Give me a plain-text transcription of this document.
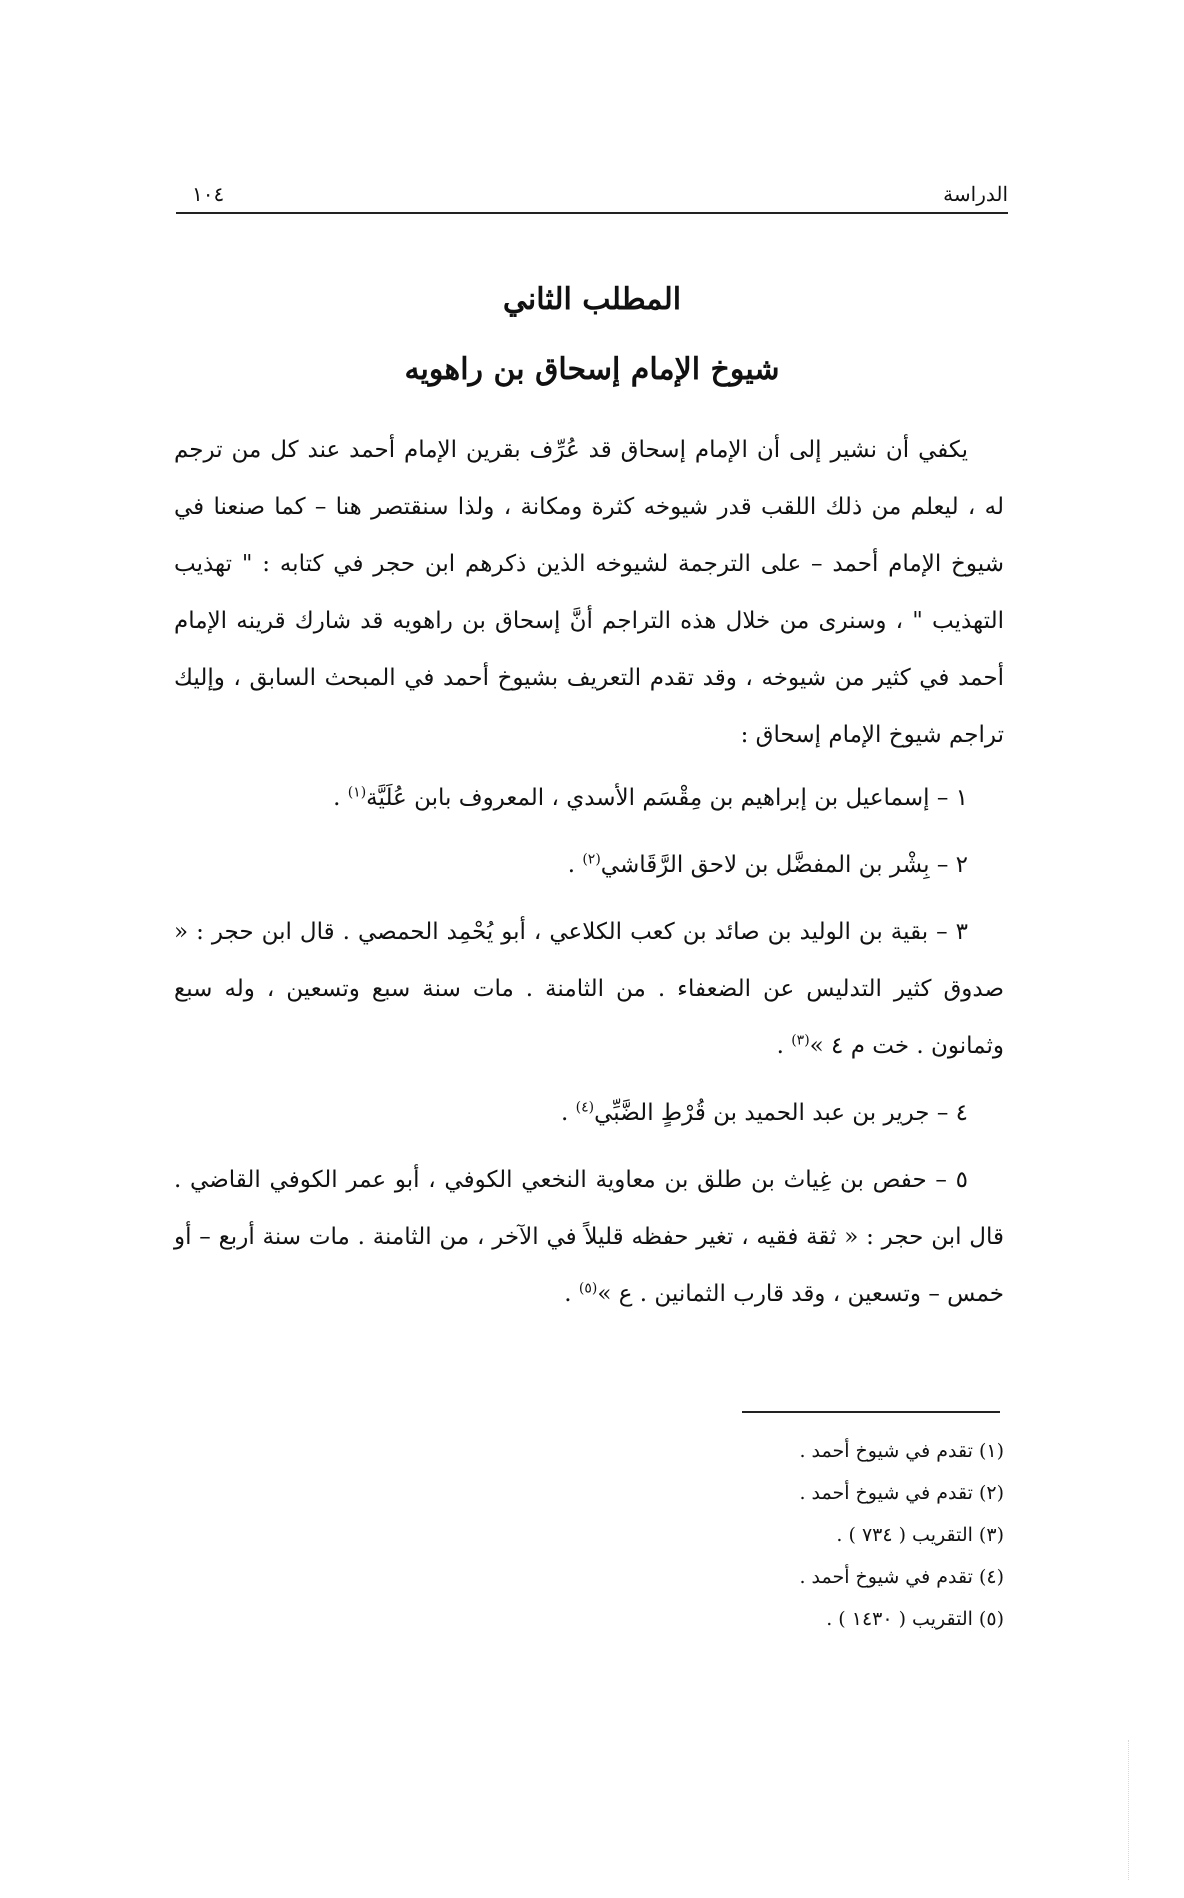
الدراسة
١٠٤
المطلب الثاني
شيوخ الإمام إسحاق بن راهويه

يكفي أن نشير إلى أن الإمام إسحاق قد عُرِّف بقرين الإمام أحمد عند كل من ترجم له ، ليعلم من ذلك اللقب قدر شيوخه كثرة ومكانة ، ولذا سنقتصر هنا – كما صنعنا في شيوخ الإمام أحمد – على الترجمة لشيوخه الذين ذكرهم ابن حجر في كتابه : " تهذيب التهذيب " ، وسنرى من خلال هذه التراجم أنَّ إسحاق بن راهويه قد شارك قرينه الإمام أحمد في كثير من شيوخه ، وقد تقدم التعريف بشيوخ أحمد في المبحث السابق ، وإليك تراجم شيوخ الإمام إسحاق :

١ – إسماعيل بن إبراهيم بن مِقْسَم الأسدي ، المعروف بابن عُلَيَّة$^{(١)}$ .

٢ – بِشْر بن المفضَّل بن لاحق الرَّقَاشي$^{(٢)}$ .

٣ – بقية بن الوليد بن صائد بن كعب الكلاعي ، أبو يُحْمِد الحمصي . قال ابن حجر : « صدوق كثير التدليس عن الضعفاء . من الثامنة . مات سنة سبع وتسعين ، وله سبع وثمانون . خت م ٤ »$^{(٣)}$ .

٤ – جرير بن عبد الحميد بن قُرْطٍ الضَّبِّي$^{(٤)}$ .

٥ – حفص بن غِياث بن طلق بن معاوية النخعي الكوفي ، أبو عمر الكوفي القاضي . قال ابن حجر : « ثقة فقيه ، تغير حفظه قليلاً في الآخر ، من الثامنة . مات سنة أربع – أو خمس – وتسعين ، وقد قارب الثمانين . ع »$^{(٥)}$ .

(١) تقدم في شيوخ أحمد .

(٢) تقدم في شيوخ أحمد .

(٣) التقريب ( ٧٣٤ ) .

(٤) تقدم في شيوخ أحمد .

(٥) التقريب ( ١٤٣٠ ) .
